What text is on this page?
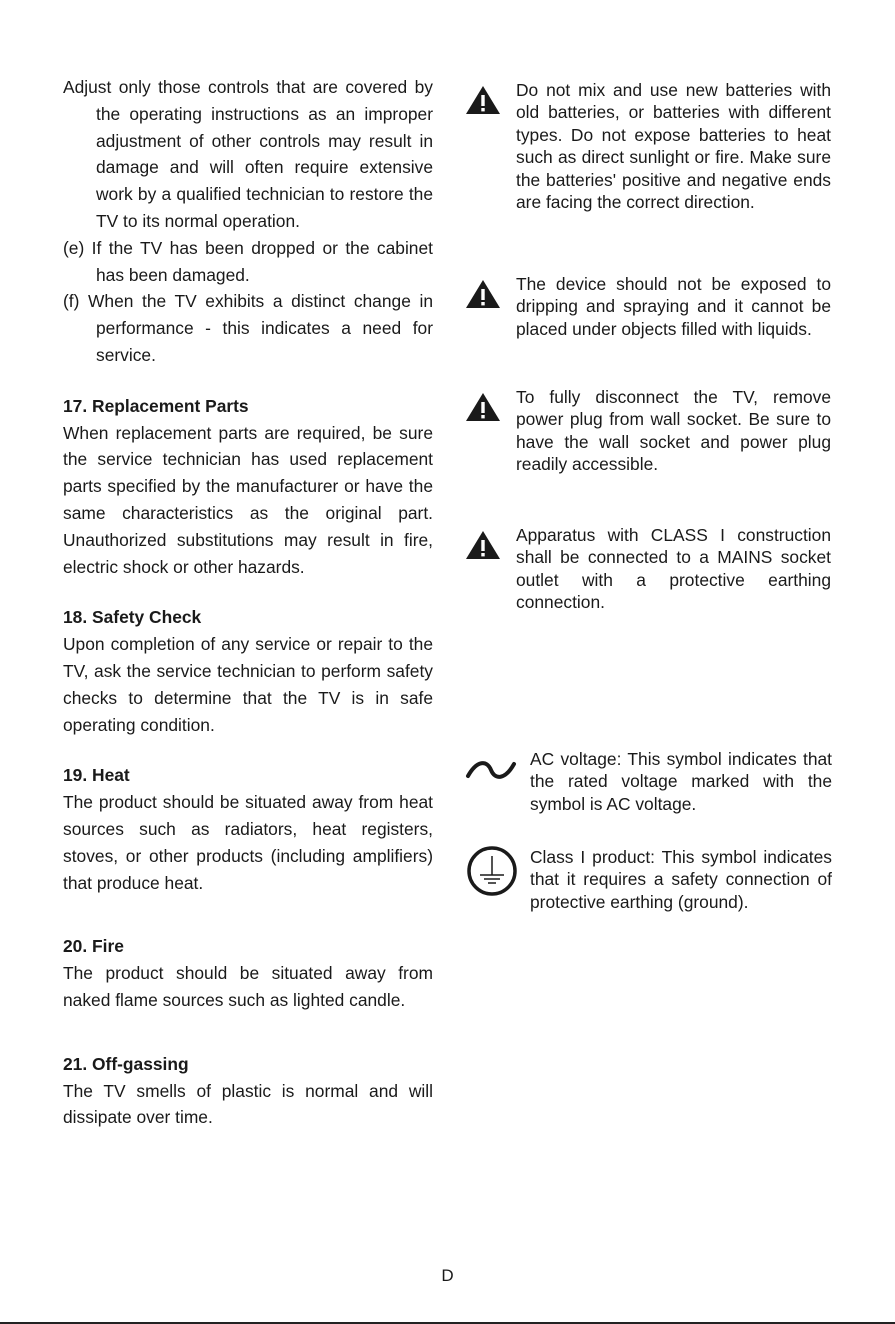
Adjust only those controls that are covered by the operating instructions as an improper adjustment of other controls may result in damage and will often require extensive work by a qualified technician to restore the TV to its normal operation.
(e) If the TV has been dropped or the cabinet has been damaged.
(f) When the TV exhibits a distinct change in performance - this indicates a need for service.
17. Replacement Parts
When replacement parts are required, be sure the service technician has used replacement parts specified by the manufacturer or have the same characteristics as the original part. Unauthorized substitutions may result in fire, electric shock or other hazards.
18. Safety Check
Upon completion of any service or repair to the TV, ask the service technician to perform safety checks to determine that the TV is in safe operating condition.
19. Heat
The product should be situated away from heat sources such as radiators, heat registers, stoves, or other products (including amplifiers) that produce heat.
20. Fire
The product should be situated away from naked flame sources such as lighted candle.
21. Off-gassing
The TV smells of plastic is normal and will dissipate over time.
Do not mix and use new batteries with old batteries, or batteries with different types. Do not expose batteries to heat such as direct sunlight or fire. Make sure the batteries' positive and negative ends are facing the correct direction.
The device should not be exposed to dripping and spraying and it cannot be placed under objects filled with liquids.
To fully disconnect the TV, remove power plug from wall socket. Be sure to have the wall socket and power plug readily accessible.
Apparatus with CLASS I construction shall be connected to a MAINS socket outlet with a protective earthing connection.
AC voltage: This symbol indicates that the rated voltage marked with the symbol is AC voltage.
Class I product: This symbol indicates that it requires a safety connection of protective earthing (ground).
D
